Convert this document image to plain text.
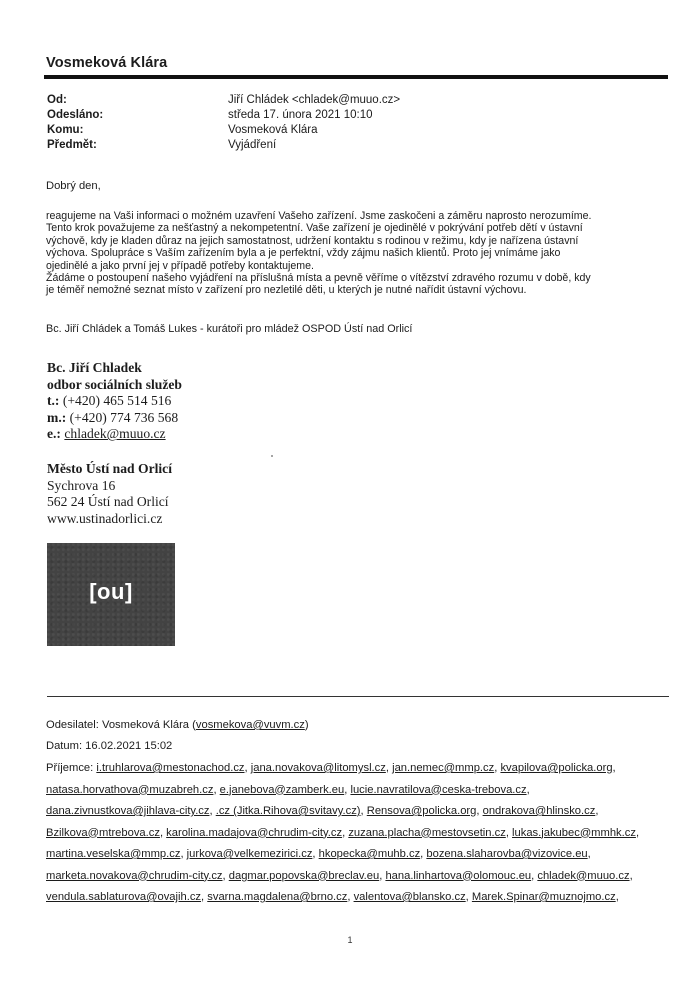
Vosmeková Klára
Od:	Jiří Chládek <chladek@muuo.cz>
Odesláno:	středa 17. února 2021 10:10
Komu:	Vosmeková Klára
Předmět:	Vyjádření
Dobrý den,
reagujeme na Vaši informaci o možném uzavření Vašeho zařízení. Jsme zaskočeni a záměru naprosto nerozumíme.
Tento krok považujeme za nešťastný a nekompetentní. Vaše zařízení je ojedinělé v pokrývání potřeb dětí v ústavní
výchově, kdy je kladen důraz na jejich samostatnost, udržení kontaktu s rodinou v režimu, kdy je nařízena ústavní
výchova. Spolupráce s Vaším zařízením byla a je perfektní, vždy zájmu našich klientů. Proto jej vnímáme jako
ojedinělé a jako první jej v případě potřeby kontaktujeme.
Žádáme o postoupení našeho vyjádření na příslušná místa a pevně věříme o vítězství zdravého rozumu v době, kdy
je téměř nemožné seznat místo v zařízení pro nezletilé děti, u kterých je nutné nařídit ústavní výchovu.
Bc. Jiří Chládek a Tomáš Lukes - kurátoři pro mládež OSPOD Ústí nad Orlicí
Bc. Jiří Chladek
odbor sociálních služeb
t.: (+420) 465 514 516
m.: (+420) 774 736 568
e.: chladek@muuo.cz
Město Ústí nad Orlicí
Sychrova 16
562 24 Ústí nad Orlicí
www.ustinadorlici.cz
[ou]
Odesilatel: Vosmeková Klára (vosmekova@vuvm.cz)
Datum: 16.02.2021 15:02
Příjemce: i.truhlarova@mestonachod.cz, jana.novakova@litomysl.cz, jan.nemec@mmp.cz, kvapilova@policka.org,
natasa.horvathova@muzabreh.cz, e.janebova@zamberk.eu, lucie.navratilova@ceska-trebova.cz,
dana.zivnustkova@jihlava-city.cz, .cz (Jitka.Rihova@svitavy.cz), Rensova@policka.org, ondrakova@hlinsko.cz,
Bzilkova@mtrebova.cz, karolina.madajova@chrudim-city.cz, zuzana.placha@mestovsetin.cz, lukas.jakubec@mmhk.cz,
martina.veselska@mmp.cz, jurkova@velkemezirici.cz, hkopecka@muhb.cz, bozena.slaharovba@vizovice.eu,
marketa.novakova@chrudim-city.cz, dagmar.popovska@breclav.eu, hana.linhartova@olomouc.eu, chladek@muuo.cz,
vendula.sablaturova@ovajih.cz, svarna.magdalena@brno.cz, valentova@blansko.cz, Marek.Spinar@muznojmo.cz,
1
